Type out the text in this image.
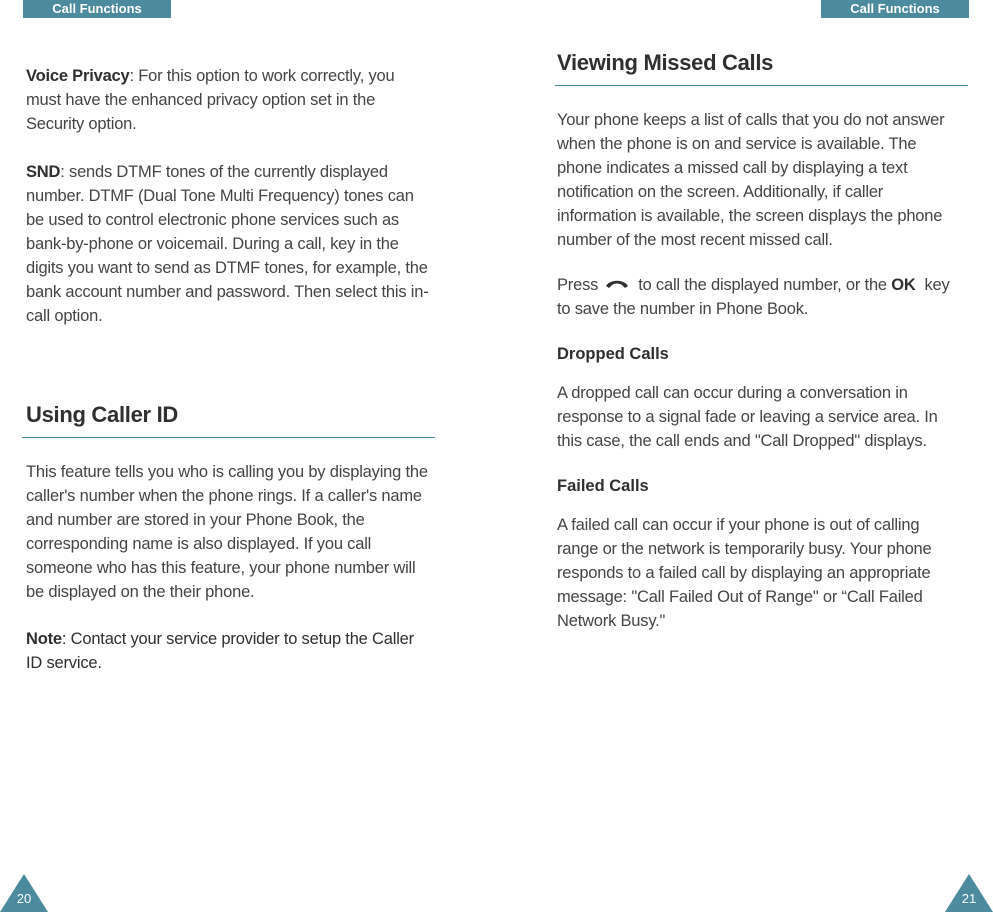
Call Functions

Voice Privacy: For this option to work correctly, you must have the enhanced privacy option set in the Security option.

SND: sends DTMF tones of the currently displayed number. DTMF (Dual Tone Multi Frequency) tones can be used to control electronic phone services such as bank-by-phone or voicemail. During a call, key in the digits you want to send as DTMF tones, for example, the bank account number and password. Then select this in-call option.

Using Caller ID

This feature tells you who is calling you by displaying the caller's number when the phone rings. If a caller's name and number are stored in your Phone Book, the corresponding name is also displayed. If you call someone who has this feature, your phone number will be displayed on the their phone.

Note: Contact your service provider to setup the Caller ID service.

20
Call Functions
Viewing Missed Calls

Your phone keeps a list of calls that you do not answer when the phone is on and service is available. The phone indicates a missed call by displaying a text notification on the screen. Additionally, if caller information is available, the screen displays the phone number of the most recent missed call.

Press to call the displayed number, or the OK key to save the number in Phone Book.

Dropped Calls

A dropped call can occur during a conversation in response to a signal fade or leaving a service area. In this case, the call ends and "Call Dropped" displays.

Failed Calls

A failed call can occur if your phone is out of calling range or the network is temporarily busy. Your phone responds to a failed call by displaying an appropriate message: "Call Failed Out of Range" or “Call Failed Network Busy."

21
